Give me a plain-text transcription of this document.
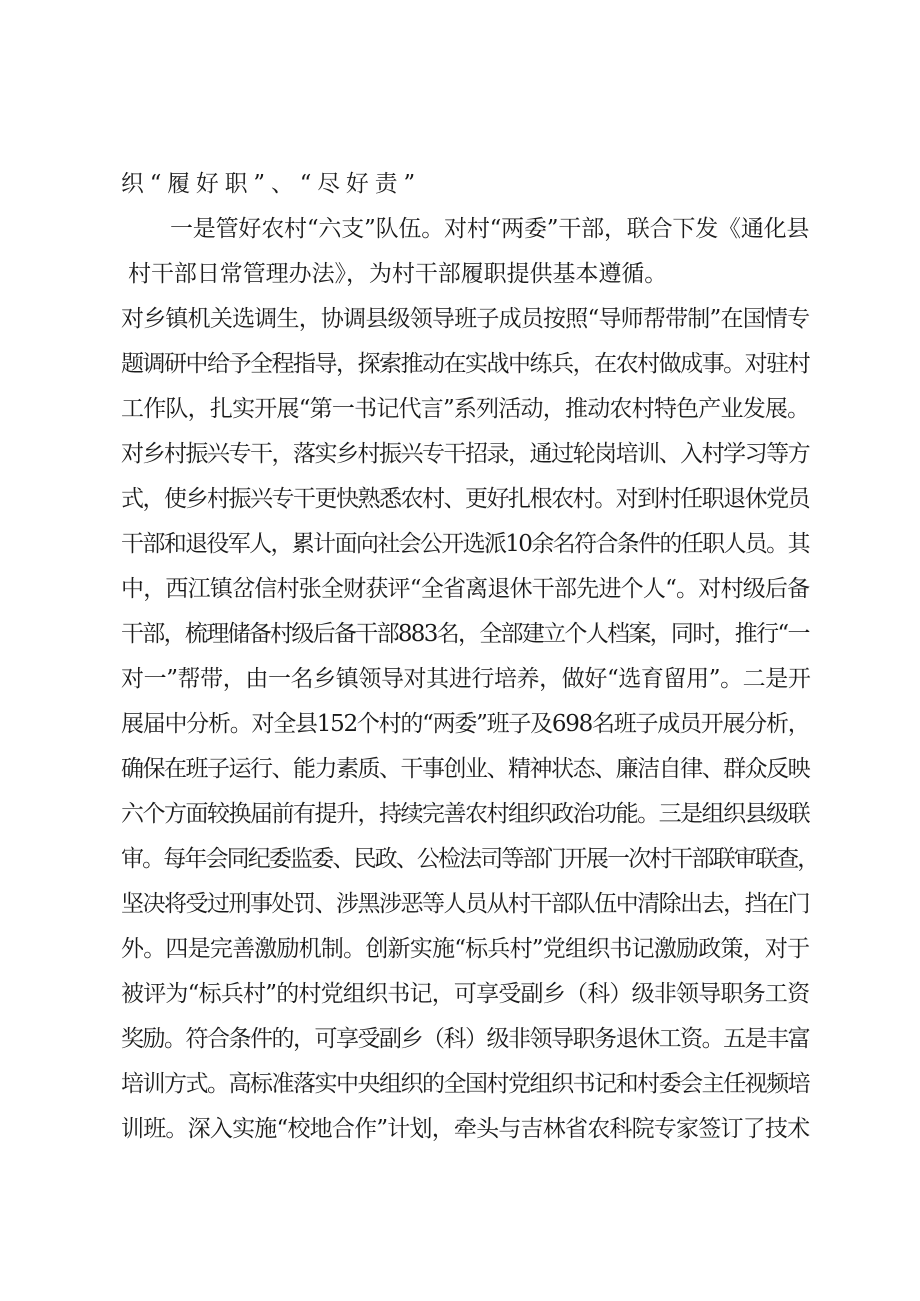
织“履好职”、“尽好责”
一是管好农村“六支”队伍。对村“两委”干部，联合下发《通化县
村干部日常管理办法》，为村干部履职提供基本遵循。
对乡镇机关选调生，协调县级领导班子成员按照“导师帮带制”在国情专
题调研中给予全程指导，探索推动在实战中练兵，在农村做成事。对驻村
工作队，扎实开展“第一书记代言”系列活动，推动农村特色产业发展。
对乡村振兴专干，落实乡村振兴专干招录，通过轮岗培训、入村学习等方
式，使乡村振兴专干更快熟悉农村、更好扎根农村。对到村任职退休党员
干部和退役军人，累计面向社会公开选派10余名符合条件的任职人员。其
中，西江镇岔信村张全财获评“全省离退休干部先进个人“。对村级后备
干部，梳理储备村级后备干部883名，全部建立个人档案，同时，推行“一
对一”帮带，由一名乡镇领导对其进行培养，做好“选育留用”。二是开
展届中分析。对全县152个村的“两委”班子及698名班子成员开展分析，
确保在班子运行、能力素质、干事创业、精神状态、廉洁自律、群众反映
六个方面较换届前有提升，持续完善农村组织政治功能。三是组织县级联
审。每年会同纪委监委、民政、公检法司等部门开展一次村干部联审联查，
坚决将受过刑事处罚、涉黑涉恶等人员从村干部队伍中清除出去，挡在门
外。四是完善激励机制。创新实施“标兵村”党组织书记激励政策，对于
被评为“标兵村”的村党组织书记，可享受副乡（科）级非领导职务工资
奖励。符合条件的，可享受副乡（科）级非领导职务退休工资。五是丰富
培训方式。高标准落实中央组织的全国村党组织书记和村委会主任视频培
训班。深入实施“校地合作”计划，牵头与吉林省农科院专家签订了技术
